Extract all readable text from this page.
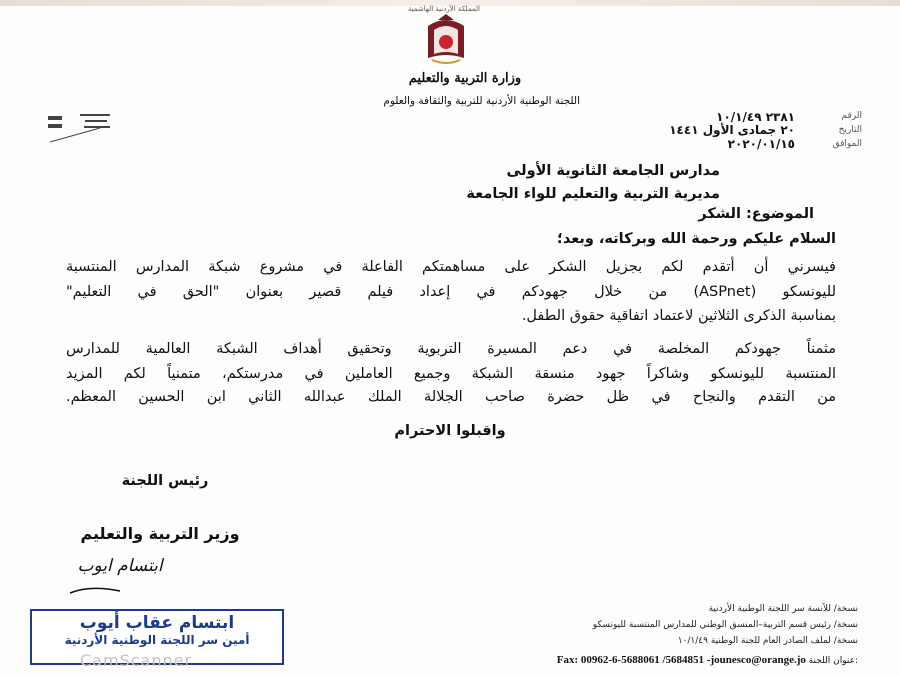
المملكة الأردنية الهاشمية
وزارة التربية والتعليم
اللجنة الوطنية الأردنية للتربية والثقافة والعلوم
الرقم
٢٣٨١ ١٠/١/٤٩
التاريخ
٢٠ جمادى الأول ١٤٤١
الموافق
٢٠٢٠/٠١/١٥
مدارس الجامعة الثانوية الأولى
مديرية التربية والتعليم للواء الجامعة
الموضوع: الشكر
السلام عليكم ورحمة الله وبركاته، وبعد؛
فيسرني أن أتقدم لكم بجزيل الشكر على مساهمتكم الفاعلة في مشروع شبكة المدارس المنتسبة
لليونسكو (ASPnet) من خلال جهودكم في إعداد فيلم قصير بعنوان "الحق في التعليم"
بمناسبة الذكرى الثلاثين لاعتماد اتفاقية حقوق الطفل.
مثمناً جهودكم المخلصة في دعم المسيرة التربوية وتحقيق أهداف الشبكة العالمية للمدارس
المنتسبة لليونسكو وشاكراً جهود منسقة الشبكة وجميع العاملين في مدرستكم، متمنياً لكم المزيد
من التقدم والنجاح في ظل حضرة صاحب الجلالة الملك عبدالله الثاني ابن الحسين المعظم.
واقبلوا الاحترام
رئيس اللجنة
وزير التربية والتعليم
ابتسام ايوب
ابتسام عقاب أيوب
أمين سر اللجنة الوطنية الأردنية
CamScanner
نسخة/ للآنسة سر اللجنة الوطنية الأردنية
نسخة/ رئيس قسم التربية–المنسق الوطني للمدارس المنتسبة لليونسكو
نسخة/ لملف الصادر العام للجنة الوطنية ١٠/١/٤٩
Fax: 00962-6-5688061 /5684851 -jounesco@orange.jo عنوان اللجنة:
